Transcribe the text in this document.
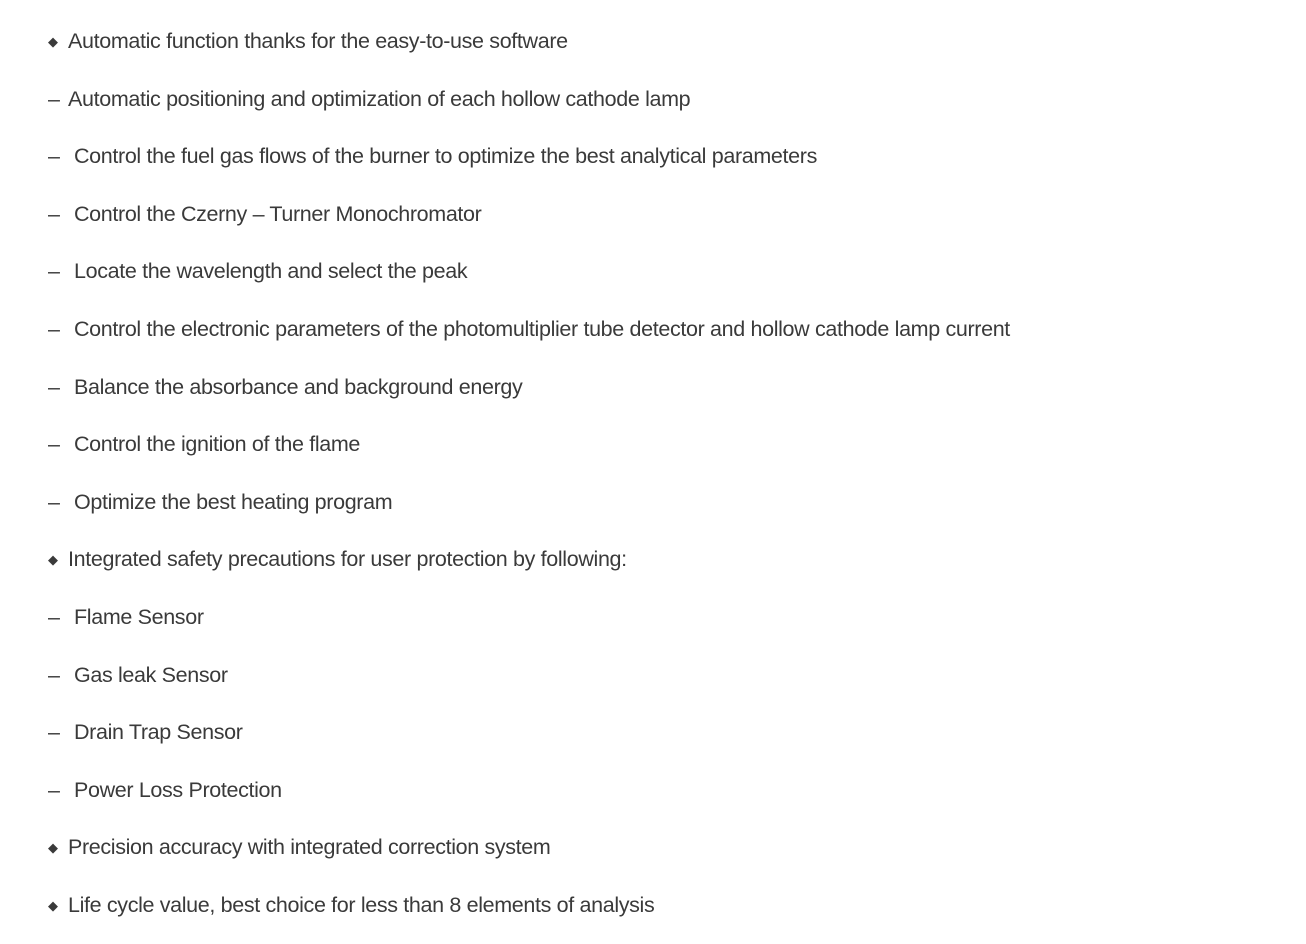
◆ Automatic function thanks for the easy-to-use software
– Automatic positioning and optimization of each hollow cathode lamp
– Control the fuel gas flows of the burner to optimize the best analytical parameters
– Control the Czerny – Turner Monochromator
– Locate the wavelength and select the peak
– Control the electronic parameters of the photomultiplier tube detector and hollow cathode lamp current
– Balance the absorbance and background energy
– Control the ignition of the flame
– Optimize the best heating program
◆ Integrated safety precautions for user protection by following:
– Flame Sensor
– Gas leak Sensor
– Drain Trap Sensor
– Power Loss Protection
◆ Precision accuracy with integrated correction system
◆ Life cycle value, best choice for less than 8 elements of analysis
